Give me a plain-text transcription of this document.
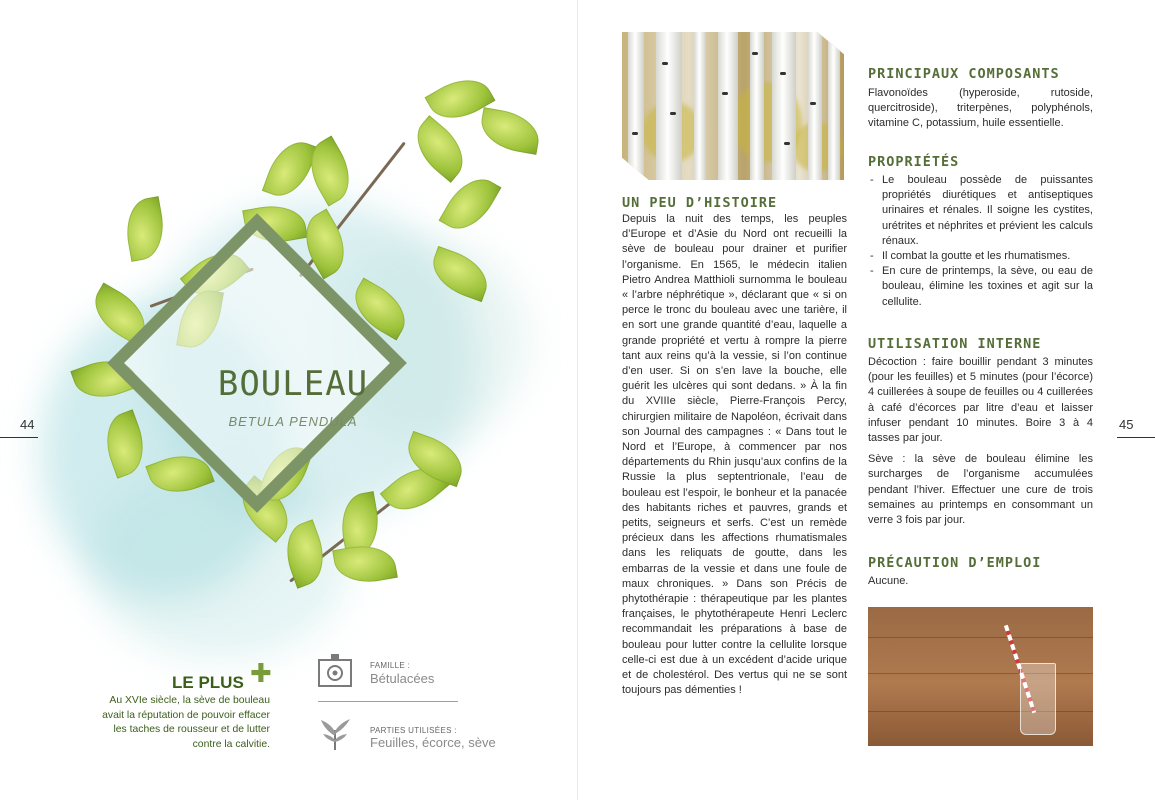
BOULEAU
BETULA PENDULA
44
LE PLUS ✚
Au XVIe siècle, la sève de bouleau avait la réputation de pouvoir effacer les taches de rousseur et de lutter contre la calvitie.
FAMILLE :
Bétulacées
PARTIES UTILISÉES :
Feuilles, écorce, sève
UN PEU D’HISTOIRE
Depuis la nuit des temps, les peuples d’Europe et d’Asie du Nord ont recueilli la sève de bouleau pour drainer et purifier l’organisme. En 1565, le médecin italien Pietro Andrea Matthioli surnomma le bouleau « l’arbre néphrétique », déclarant que « si on perce le tronc du bouleau avec une tarière, il en sort une grande quantité d’eau, laquelle a grande propriété et vertu à rompre la pierre tant aux reins qu’à la vessie, si l’on continue d’en user. Si on s’en lave la bouche, elle guérit les ulcères qui sont dedans. » À la fin du XVIIIe siècle, Pierre-François Percy, chirurgien militaire de Napoléon, écrivait dans son Journal des campagnes : « Dans tout le Nord et l’Europe, à commencer par nos départements du Rhin jusqu’aux confins de la Russie la plus septentrionale, l’eau de bouleau est l’espoir, le bonheur et la panacée des habitants riches et pauvres, grands et petits, seigneurs et serfs. C’est un remède précieux dans les affections rhumatismales dans les reliquats de goutte, dans les embarras de la vessie et dans une foule de maux chroniques. » Dans son Précis de phytothérapie : thérapeutique par les plantes françaises, le phytothérapeute Henri Leclerc recommandait les préparations à base de bouleau pour lutter contre la cellulite lorsque celle-ci est due à un excédent d’acide urique et de cholestérol. Des vertus qui ne se sont toujours pas démenties !
PRINCIPAUX COMPOSANTS
Flavonoïdes (hyperoside, rutoside, quercitroside), triterpènes, polyphénols, vitamine C, potassium, huile essentielle.
PROPRIÉTÉS
- Le bouleau possède de puissantes propriétés diurétiques et antiseptiques urinaires et rénales. Il soigne les cystites, urétrites et néphrites et prévient les calculs rénaux.
- Il combat la goutte et les rhumatismes.
- En cure de printemps, la sève, ou eau de bouleau, élimine les toxines et agit sur la cellulite.
UTILISATION INTERNE

Décoction : faire bouillir pendant 3 minutes (pour les feuilles) et 5 minutes (pour l’écorce) 4 cuillerées à soupe de feuilles ou 4 cuillerées à café d’écorces par litre d’eau et laisser infuser pendant 10 minutes. Boire 3 à 4 tasses par jour.

Sève : la sève de bouleau élimine les surcharges de l’organisme accumulées pendant l’hiver. Effectuer une cure de trois semaines au printemps en consommant un verre 3 fois par jour.

PRÉCAUTION D’EMPLOI
Aucune.
45
